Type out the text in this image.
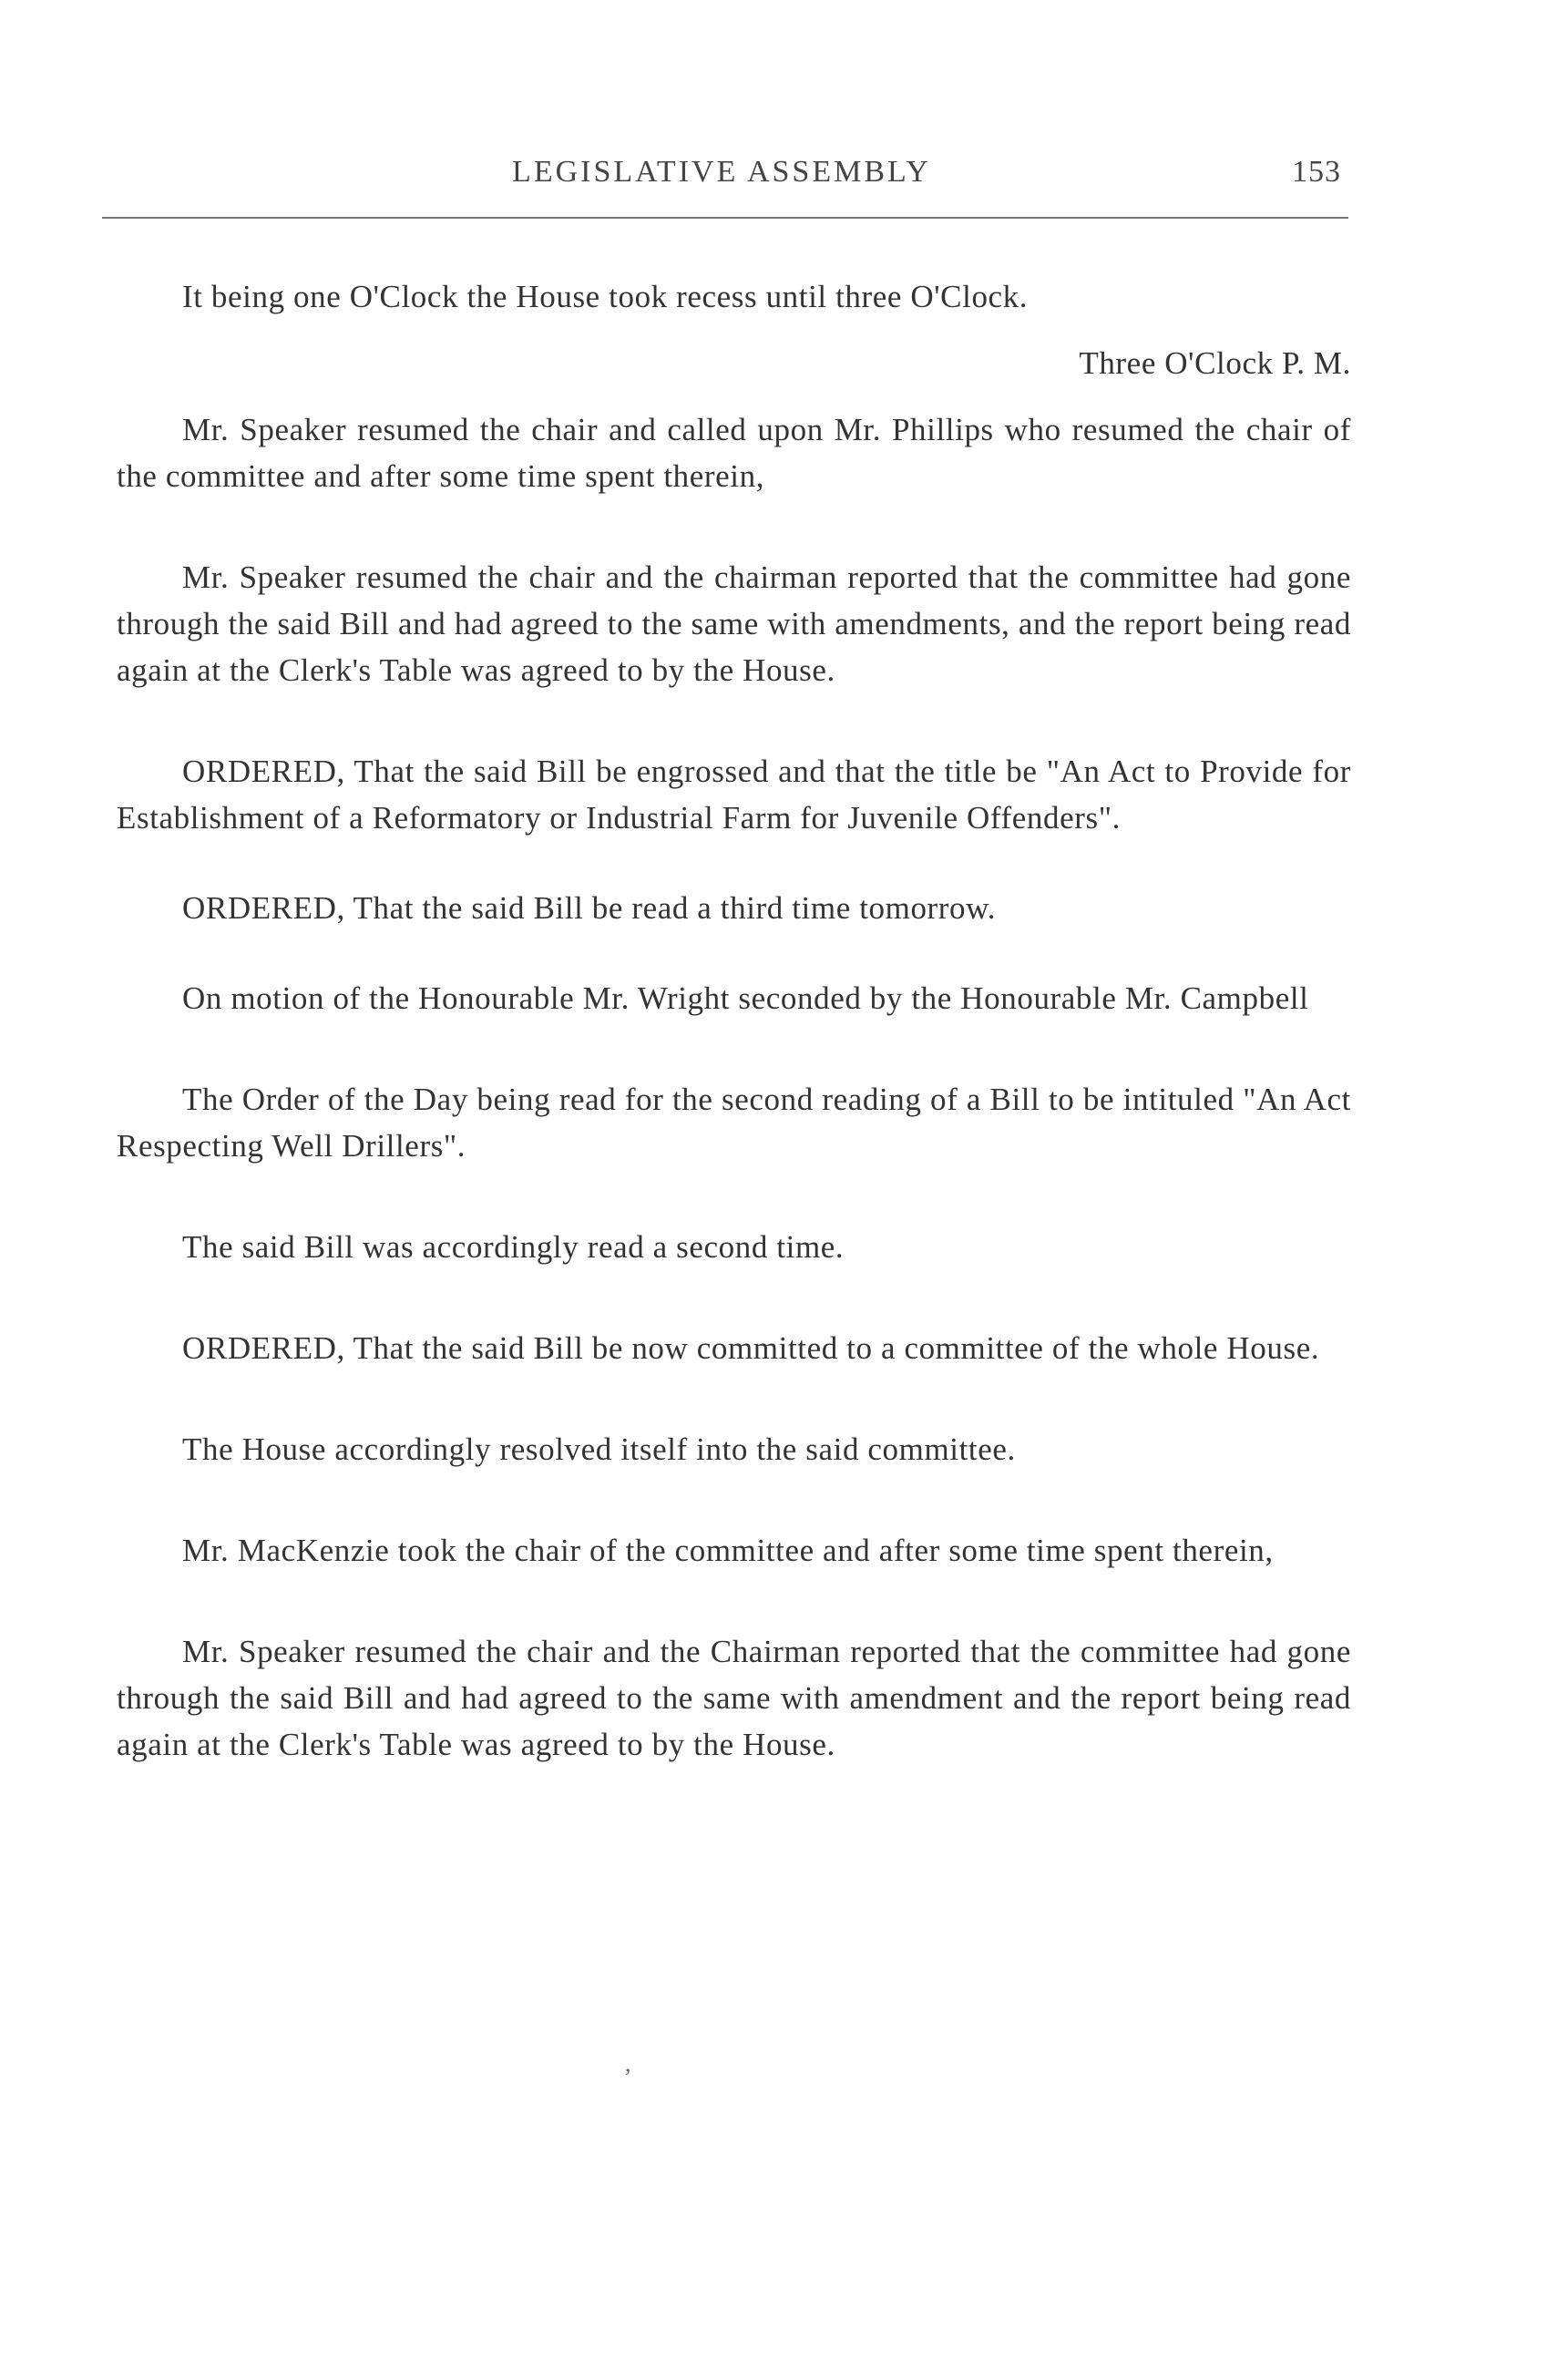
LEGISLATIVE ASSEMBLY	153

It being one O'Clock the House took recess until three O'Clock.

Three O'Clock P. M.

Mr. Speaker resumed the chair and called upon Mr. Phillips who resumed the chair of the committee and after some time spent therein,

Mr. Speaker resumed the chair and the chairman reported that the committee had gone through the said Bill and had agreed to the same with amendments, and the report being read again at the Clerk's Table was agreed to by the House.

ORDERED, That the said Bill be engrossed and that the title be "An Act to Provide for Establishment of a Reformatory or Industrial Farm for Juvenile Offenders".

ORDERED, That the said Bill be read a third time tomorrow.

On motion of the Honourable Mr. Wright seconded by the Honourable Mr. Campbell

The Order of the Day being read for the second reading of a Bill to be intituled "An Act Respecting Well Drillers".

The said Bill was accordingly read a second time.

ORDERED, That the said Bill be now committed to a committee of the whole House.

The House accordingly resolved itself into the said committee.

Mr. MacKenzie took the chair of the committee and after some time spent therein,

Mr. Speaker resumed the chair and the Chairman reported that the committee had gone through the said Bill and had agreed to the same with amendment and the report being read again at the Clerk's Table was agreed to by the House.

,
